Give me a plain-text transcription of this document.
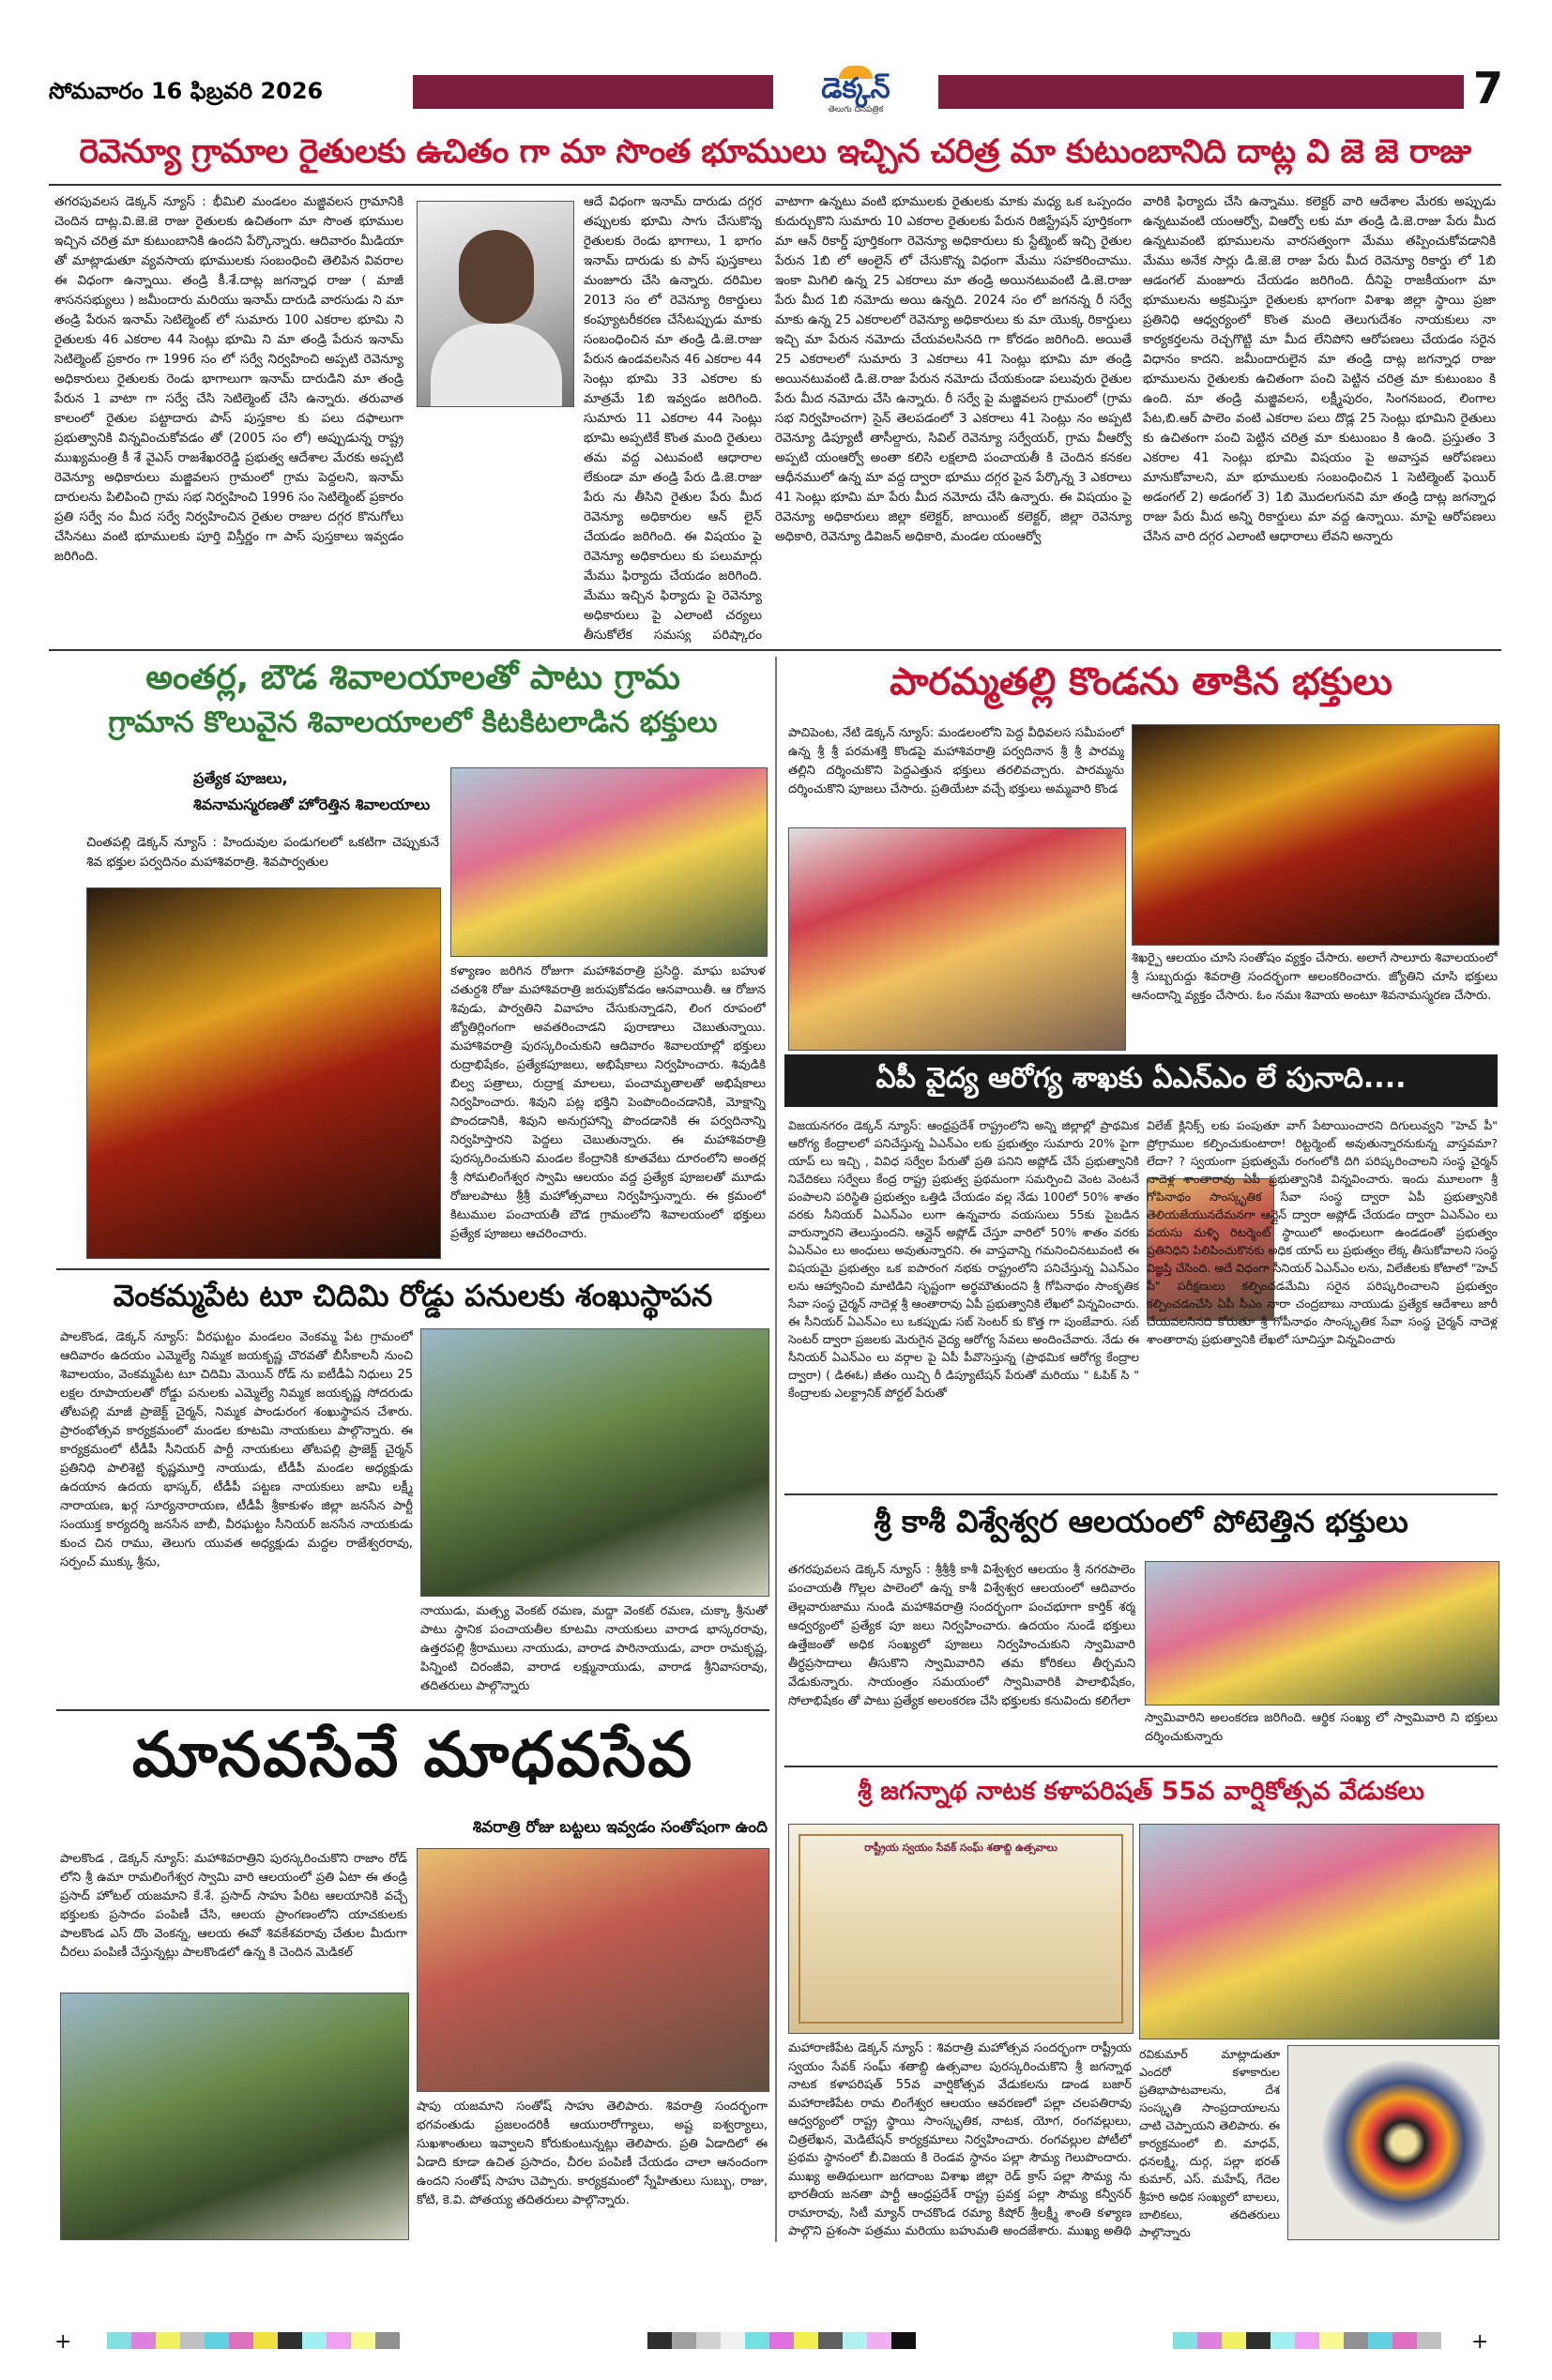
సోమవారం 16 ఫిబ్రవరి 2026	డెక్కన్
తెలుగు దినపత్రిక	7
రెవెన్యూ గ్రామాల రైతులకు ఉచితం గా మా సొంత భూములు ఇచ్చిన చరిత్ర మా కుటుంబానిది దాట్ల వి జె జె రాజు

తగరపువలస డెక్కన్ న్యూస్ : భీమిలి మండలం మజ్జివలస గ్రామానికి చెందిన దాట్ల.వి.జె.జె రాజు రైతులకు ఉచితంగా మా సొంత భూముల ఇచ్చిన చరిత్ర మా కుటుంబానికి ఉందని పేర్కొన్నారు. ఆదివారం మీడియా తో మాట్లాడుతూ వ్యవసాయ భూములకు సంబంధించి తెలిపిన వివరాల ఈ విధంగా ఉన్నాయి. తండ్రి కీ.శే.దాట్ల జగన్నాధ రాజు ( మాజీ శాసనసభ్యులు ) జమీందారు మరియు ఇనామ్ దారుడి వారసుడు ని మా తండ్రి పేరున ఇనామ్ సెటిల్మెంట్ లో సుమారు 100 ఎకరాల భూమి ని రైతులకు 46 ఎకరాల 44 సెంట్లు భూమి ని మా తండ్రి పేరున ఇనామ్ సెటిల్మెంట్ ప్రకారం గా 1996 సం లో సర్వే నిర్వహించి అప్పటి రెవెన్యూ అధికారులు రైతులకు రెండు భాగాలుగా ఇనామ్ దారుడిని మా తండ్రి పేరున 1 వాటా గా సర్వే చేసి సెటిల్మెంట్ చేసి ఉన్నారు. తరువాత కాలంలో రైతుల పట్టాదారు పాస్ పుస్తకాల కు పలు దఫాలుగా ప్రభుత్వానికి విన్నవించుకోవడం తో (2005 సం లో) అప్పుడున్న రాష్ట్ర ముఖ్యమంత్రి కీ శే వైఎస్ రాజశేఖరరెడ్డి ప్రభుత్వ ఆదేశాల మేరకు అప్పటి రెవెన్యూ అధికారులు మజ్జివలస గ్రామంలో గ్రామ పెద్దలని, ఇనామ్ దారులను పిలిపించి గ్రామ సభ నిర్వహించి 1996 సం సెటిల్మెంట్ ప్రకారం ప్రతి సర్వే నం మీద సర్వే నిర్వహించిన రైతుల రాజుల దగ్గర కొనుగోలు చేసినటు వంటి భూములకు పూర్తి విస్తీర్ణం గా పాస్ పుస్తకాలు ఇవ్వడం జరిగింది.

ఆదే విధంగా ఇనామ్ దారుడు దగ్గర తప్పులకు భూమి సాగు చేసుకొన్న రైతులకు రెండు భాగాలు, 1 భాగం ఇనామ్ దారుడు కు పాస్ పుస్తకాలు మంజూరు చేసి ఉన్నారు. దరిమిల 2013 సం లో రెవెన్యూ రికార్డులు కంప్యూటరీకరణ చేసేటప్పుడు మాకు సంబంధించిన మా తండ్రి డి.జె.రాజు పేరున ఉండవలసిన 46 ఎకరాల 44 సెంట్లు భూమి 33 ఎకరాల కు మాత్రమే 1బి ఇవ్వడం జరిగింది. సుమారు 11 ఎకరాల 44 సెంట్లు భూమి అప్పటికే కొంత మంది రైతులు తమ వద్ద ఎటువంటి ఆధారాల లేకుండా మా తండ్రి పేరు డి.జె.రాజు పేరు ను తీసిని రైతుల పేరు మీద రెవెన్యూ అధికారుల ఆన్ లైన్ చేయడం జరిగింది. ఈ విషయం పై రెవెన్యూ అధికారులు కు పలుమార్లు మేము ఫిర్యాదు చేయడం జరిగింది. మేము ఇచ్చిన ఫిర్యాదు పై రెవెన్యూ అధికారులు పై ఎలాంటి చర్యలు తీసుకోలేక సమస్య పరిష్కారం

వాటాగా ఉన్నటు వంటి భూములకు రైతులకు మాకు మధ్య ఒక ఒప్పందం కుదుర్చుకొని సుమారు 10 ఎకరాల రైతులకు పేరున రిజిస్ట్రేషన్ పూర్తికంగా మా ఆన్ రికార్డ్ పూర్తికంగా రెవెన్యూ అధికారులు కు స్టేట్మెంట్ ఇచ్చి రైతుల పేరున 1బి లో ఆంలైన్ లో చేసుకొన్న విధంగా మేము సహకరించాము. ఇంకా మిగిలి ఉన్న 25 ఎకరాలు మా తండ్రి అయినటువంటి డి.జె.రాజు పేరు మీద 1బి నమోదు అయి ఉన్నది. 2024 సం లో జగనన్న రీ సర్వే మాకు ఉన్న 25 ఎకరాలలో రెవెన్యూ అధికారులు కు మా యొక్క రికార్డులు ఇచ్చి మా పేరున నమోదు చేయవలసినది గా కోరడం జరిగింది. అయితే 25 ఎకరాలలో సుమారు 3 ఎకరాలు 41 సెంట్లు భూమి మా తండ్రి అయినటువంటి డి.జె.రాజు పేరున నమోదు చేయకుండా పలువురు రైతుల పేరు మీద నమోదు చేసి ఉన్నారు. రీ సర్వే పై మజ్జివలస గ్రామంలో (గ్రామ సభ నిర్వహించగా) సైన్ తెలపడంలో 3 ఎకరాలు 41 సెంట్లు నం అప్పటి రెవెన్యూ డిప్యూటీ తాసీల్దారు, సివిల్ రెవెన్యూ సర్వేయర్, గ్రామ వీఆర్వో అప్పటి యంఆర్వో అంతా కలిసి లక్షలాది పంచాయతీ కి చెందిన కనకల ఆధీనములో ఉన్న మా వద్ద ద్వారా భూము దగ్గర పైన పేర్కొన్న 3 ఎకరాలు 41 సెంట్లు భూమి మా పేరు మీద నమోదు చేసి ఉన్నారు. ఈ విషయం పై రెవెన్యూ అధికారులు జిల్లా కలెక్టర్, జాయింట్ కలెక్టర్, జిల్లా రెవెన్యూ అధికారి, రెవెన్యూ డివిజన్ అధికారి, మండల యంఆర్వో

వారికి ఫిర్యాదు చేసి ఉన్నాము. కలెక్టర్ వారి ఆదేశాల మేరకు అప్పుడు ఉన్నటువంటి యంఆర్వో, విఆర్వో లకు మా తండ్రి డి.జె.రాజు పేరు మీద ఉన్నటువంటి భూములను వారసత్వంగా మేము తప్పించుకోవడానికి మేము అనేక సార్లు డి.జె.జె రాజు పేరు మీద రెవెన్యూ రికార్డు లో 1బి ఆడంగల్ మంజూరు చేయడం జరిగింది. దీనిపై రాజకీయంగా మా భూములను అక్రమిస్తూ రైతులకు భాగంగా విశాఖ జిల్లా స్థాయి ప్రజా ప్రతినిధి ఆధ్వర్యంలో కొంత మంది తెలుగుదేశం నాయకులు నా కార్యకర్తలను రెచ్చగొట్టి మా మీద లేనిపోని ఆరోపణలు చేయడం సరైన విధానం కాదని. జమీందారులైన మా తండ్రి దాట్ల జగన్నాధ రాజు భూములను రైతులకు ఉచితంగా పంచి పెట్టిన చరిత్ర మా కుటుంబం కి ఉంది. మా తండ్రి మజ్జివలస, లక్ష్మీపురం, సింగనబంద, లింగాల పేట,బి.ఆర్ పాలెం వంటి ఎకరాల పలు దొడ్ల 25 సెంట్లు భూమిని రైతులు కు ఉచితంగా పంచి పెట్టిన చరిత్ర మా కుటుంబం కి ఉంది. ప్రస్తుతం 3 ఎకరాల 41 సెంట్లు భూమి విషయం పై అవాస్తవ ఆరోపణలు మానుకోవాలని, మా భూములకు సంబంధించిన 1 సెటిల్మెంట్ ఫెయిర్ అడంగల్ 2) అడంగల్ 3) 1బి మొదలగునవి మా తండ్రి దాట్ల జగన్నాధ రాజు పేరు మీద అన్ని రికార్డులు మా వద్ద ఉన్నాయి. మాపై ఆరోపణలు చేసిన వారి దగ్గర ఎలాంటి ఆధారాలు లేవని అన్నారు

అంతర్ల, బౌడ శివాలయాలతో పాటు గ్రామ
గ్రామాన కొలువైన శివాలయాలలో కిటకిటలాడిన భక్తులు
ప్రత్యేక పూజలు,
శివనామస్మరణతో హోరెత్తిన శివాలయాలు

చింతపల్లి డెక్కన్ న్యూస్ : హిందువుల పండుగలలో ఒకటిగా చెప్పుకునే శివ భక్తుల పర్వదినం మహాశివరాత్రి. శివపార్వతుల

కళ్యాణం జరిగిన రోజుగా మహాశివరాత్రి ప్రసిద్ధి. మాఘ బహుళ చతుర్దశి రోజు మహాశివరాత్రి జరుపుకోవడం ఆనవాయితీ. ఆ రోజున శివుడు, పార్వతిని వివాహం చేసుకున్నాడని, లింగ రూపంలో జ్యోతిర్లింగంగా అవతరించాడని పురాణాలు చెబుతున్నాయి. మహాశివరాత్రి పురస్కరించుకుని ఆదివారం శివాలయాల్లో భక్తులు రుద్రాభిషేకం, ప్రత్యేకపూజలు, అభిషేకాలు నిర్వహించారు. శివుడికి బిల్వ పత్రాలు, రుద్రాక్ష మాలలు, పంచామృతాలతో అభిషేకాలు నిర్వహించారు. శివుని పట్ల భక్తిని పెంపొందించడానికి, మోక్షాన్ని పొందడానికి, శివుని అనుగ్రహాన్ని పొందడానికి ఈ పర్వదినాన్ని నిర్వహిస్తారని పెద్దలు చెబుతున్నారు. ఈ మహాశివరాత్రి పురస్కరించుకుని మండల కేంద్రానికి కూతవేటు దూరంలోని అంతర్ల శ్రీ సోమలింగేశ్వర స్వామి ఆలయం వద్ద ప్రత్యేక పూజలతో మూడు రోజులపాటు శ్రీశ్రీ మహోత్సవాలు నిర్వహిస్తున్నారు. ఈ క్రమంలో కిటుముల పంచాయతీ బౌడ గ్రామంలోని శివాలయంలో భక్తులు ప్రత్యేక పూజలు ఆచరించారు.

వెంకమ్మపేట టూ చిదిమి రోడ్డు పనులకు శంఖుస్థాపన

పాలకొండ, డెక్కన్ న్యూస్: వీరఘట్టం మండలం వెంకమ్మ పేట గ్రామంలో ఆదివారం ఉదయం ఎమ్మెల్యే నిమ్మక జయకృష్ణ చొరవతో బీసీకాలనీ నుంచి శివాలయం, వెంకమ్మపేట టూ చిదిమి మెయిన్ రోడ్ ను ఐటీడీఏ నిధులు 25 లక్షల రూపాయలతో రోడ్డు పనులకు ఎమ్మెల్యే నిమ్మక జయకృష్ణ సోదరుడు తోటపల్లి మాజీ ప్రాజెక్ట్ చైర్మన్, నిమ్మక పాండురంగ శంఖుస్థాపన చేశారు. ప్రారంభోత్సవ కార్యక్రమంలో మండల కూటమి నాయకులు పాల్గొన్నారు. ఈ కార్యక్రమంలో టీడీపీ సీనియర్ పార్టీ నాయకులు తోటపల్లి ప్రాజెక్ట్ చైర్మన్ ప్రతినిధి పాలిశెట్టి కృష్ణమూర్తి నాయుడు, టీడీపీ మండల అధ్యక్షుడు ఉదయాన ఉదయ భాస్కర్, టీడీపీ పట్టణ నాయకులు జామి లక్ష్మీ నారాయణ, ఖర్గ సూర్యనారాయణ, టీడీపీ శ్రీకాకుళం జిల్లా జనసేన పార్టీ సంయుక్త కార్యదర్శి జనసేన బాబీ, వీరఘట్టం సీనియర్ జనసేన నాయకుడు కుంచ చిన రాము, తెలుగు యువత అధ్యక్షుడు మద్దల రాజేశ్వరరావు, సర్పంచ్ ముక్కు శ్రీను,

నాయుడు, మత్స్య వెంకట్ రమణ, మద్దా వెంకట్ రమణ, చుక్కా శ్రీనుతో పాటు స్థానిక పంచాయతీల కూటమి నాయకులు వారాడ భాస్కరరావు, ఉత్తరపల్లి శ్రీరాములు నాయుడు, వారాడ పారినాయుడు, వారా రామకృష్ణ, పిన్నింటి చిరంజీవి, వారాడ లక్ష్మునాయుడు, వారాడ శ్రీనివాసరావు, తదితరులు పాల్గొన్నారు

మానవసేవే మాధవసేవ
శివరాత్రి రోజు బట్టలు ఇవ్వడం సంతోషంగా ఉంది

పాలకొండ , డెక్కన్ న్యూస్: మహాశివరాత్రిని పురస్కరించుకొని రాజాం రోడ్ లోని శ్రీ ఉమా రామలింగేశ్వర స్వామి వారి ఆలయంలో ప్రతి ఏటా ఈ తండ్రి ప్రసాద్ హోటల్ యజమాని కే.శే. ప్రసాద్ సాహు పేరిట ఆలయానికి వచ్చే భక్తులకు ప్రసాదం పంపిణీ చేసి, ఆలయ ప్రాంగణంలోని యాచకులకు పాలకొండ ఎస్ దొం వెంకన్న, ఆలయ ఈవో శివకేశవరావు చేతుల మీదుగా చీరలు పంపిణీ చేస్తున్నట్లు పాలకొండలో ఉన్న కి చెందిన మెడికల్

షాపు యజమాని సంతోష్ సాహు తెలిపారు. శివరాత్రి సందర్భంగా భగవంతుడు ప్రజలందరికీ ఆయురారోగ్యాలు, అష్ట ఐశ్వర్యాలు, సుఖశాంతులు ఇవ్వాలని కోరుకుంటున్నట్లు తెలిపారు. ప్రతి ఏడాదిలో ఈ ఏడాది కూడా ఉచిత ప్రసాదం, చీరల పంపిణీ చేయడం చాలా ఆనందంగా ఉందని సంతోష్ సాహు చెప్పారు. కార్యక్రమంలో స్నేహితులు సుబ్బు, రాజు, కోటి, కె.వి. పోతయ్య తదితరులు పాల్గొన్నారు.

పారమ్మతల్లి కొండను తాకిన భక్తులు

పాచిపెంట, నేటి డెక్కన్ న్యూస్: మండలంలోని పెద్ద వీధివలస సమీపంలో ఉన్న శ్రీ శ్రీ పరమశక్తి కొండపై మహాశివరాత్రి పర్వదినాన శ్రీ శ్రీ పారమ్మ తల్లిని దర్శించుకొని పెద్దఎత్తున భక్తులు తరలివచ్చారు. పారమ్మను దర్శించుకొని పూజలు చేసారు. ప్రతియేటా వచ్చే భక్తులు అమ్మవారి కొండ

శిఖర్పై ఆలయం చూసి సంతోషం వ్యక్తం చేసారు. అలాగే సాలూరు శివాలయంలో శ్రీ సుబ్బరుద్దు శివరాత్రి సందర్భంగా అలంకరించారు. జ్యోతిని చూసి భక్తులు ఆనందాన్ని వ్యక్తం చేసారు. ఓం నమః శివాయ అంటూ శివనామస్మరణ చేసారు.

ఏపీ వైద్య ఆరోగ్య శాఖకు ఏఎన్ఎం లే పునాది....

విజయనగరం డెక్కన్ న్యూస్: ఆంధ్రప్రదేశ్ రాష్ట్రంలోని అన్ని జిల్లాల్లో ప్రాథమిక ఆరోగ్య కేంద్రాలలో పనిచేస్తున్న ఏఎన్ఎం లకు ప్రభుత్వం సుమారు 20% పైగా యాప్ లు ఇచ్చి , వివిధ సర్వేల పేరుతో ప్రతి పనిని అప్లోడ్ చేసే ప్రభుత్వానికి నివేదికలు సర్వేలు కేంద్ర రాష్ట్ర ప్రభుత్వ ప్రథమంగా సమర్పించి వెంట వెంటనే పంపాలని పరిస్థితి ప్రభుత్వం ఒత్తిడి చేయడం వల్ల నేడు 100లో 50% శాతం వరకు సీనియర్ ఏఎన్ఎం లుగా ఉన్నవారు వయసులు 55కు పైబడిన వారున్నారని తెలుస్తుందని. ఆన్లైన్ అప్లోడ్ చేస్తూ వారిలో 50% శాతం వరకు ఏఎన్ఎం లు అంధులు అవుతున్నారని. ఈ వాస్తవాన్ని గమనించినటువంటి ఈ విషయమై ప్రభుత్వం ఒక ఐపారంగ నభకు రాష్ట్రంలోని పనిచేస్తున్న ఏఎన్ఎం లను ఆహ్వానించి మాటిడిని సృష్టంగా అర్థమౌతుందని శ్రీ గోపినాథం సాంకృతిక సేవా సంస్థ చైర్మన్ నాదెళ్ల శ్రీ ఆంతారావు ఏపీ ప్రభుత్వానికి లేఖలో విన్నవించారు. ఈ సీనియర్ ఏఎన్ఎం లు ఒకప్పుడు సబ్ సెంటర్ కు కొత్త గా పుంజేవారు. సబ్ సెంటర్ ద్వారా ప్రజలకు మెరుగైన వైద్య ఆరోగ్య సేవలు అందించేవారు. నేడు ఈ సీనియర్ ఏఎన్ఎం లు వర్గాల పై ఏపీ పీవొసెస్తున్న (ప్రాథమిక ఆరోగ్య కేంద్రాల ద్వారా) ( డిఈఓ) జీతం యిచ్చి రీ డిప్యూటేషన్ పేరుతో మరియు " ఓపిక్ సి " కేంద్రాలకు ఎలక్ట్రానిక్ పోర్టల్ పేరుతో

విలేజ్ క్లినిక్స్ లకు పంపుతూ వాగ్ పేటాయించారని దిగులువ్వని "హెచ్ పీ" ప్రోగ్రాముల కల్పించుకుంటారా! రిట్టర్మెంట్ అవుతున్నారనుకున్న వాస్తవమా?లేదా? ? స్వయంగా ప్రభుత్వమే రంగంలోకి దిగి పరిష్కరించాలని సంస్థ చైర్మన్ నాదెళ్ల శాంతారావు ఏపీ ప్రభుత్వానికి విన్నవించారు. ఇందు మూలంగా శ్రీ గోపినాథం సాంస్కృతిక సేవా సంస్థ ద్వారా ఏపీ ప్రభుత్వానికి తెలియజేయునదేమనగా ఆన్లైన్ ద్వారా అప్లోడ్ చేయడం ద్వారా ఏఎన్ఎం లు వయసు మళ్ళి రిటర్మెంట్ స్థాయిలో అంధులుగా ఉండడంతో ప్రభుత్వం ప్రతినిధిని పిలిపించుకొనకు అధిక యాప్ లు ప్రభుత్వం లేక్క తీసుకోవాలని సంస్థ విజ్ఞప్తి చేసింది. అదే విధంగా సీనియర్ ఏఎన్ఎం లను, విలేజీలకు కోటాలో "హెచ్ పీ" పరీక్షణులు కల్పించడమేమి సరైన పరిష్కరించాలని ప్రభుత్వం కల్పించడంచేసి ఏపీ సీఎం నారా చంద్రబాబు నాయుడు ప్రత్యేక ఆదేశాలు జారీ చేయవలసినది కోరుతూ శ్రీ గోపీనాథం సాంస్కృతిక సేవా సంస్థ చైర్మన్ నాదెళ్ల శాంతారావు ప్రభుత్వానికి లేఖలో సూచిస్తూ విన్నవించారు

శ్రీ కాశీ విశ్వేశ్వర ఆలయంలో పోటెత్తిన భక్తులు

తగరపువలస డెక్కన్ న్యూస్ : శ్రీశ్రీశ్రీ కాశీ విశ్వేశ్వర ఆలయం శ్రీ నగరపాలెం పంచాయతీ గొల్లల పాలెంలో ఉన్న కాశీ విశ్వేశ్వర ఆలయంలో ఆదివారం తెల్లవారుజాము నుండి మహాశివరాత్రి సందర్భంగా పంచభూగా కార్తిక్ శర్మ ఆధ్వర్యంలో ప్రత్యేక పూ జలు నిర్వహించారు. ఉదయం నుండే భక్తులు ఉత్తేజంతో అధిక సంఖ్యలో పూజలు నిర్వహించుకుని స్వామివారి తీర్థప్రసాదాలు తీసుకొని స్వామివారిని తమ కోరికలు తీర్చమని వేడుకున్నారు. సాయంత్రం సమయంలో స్వామివారికి పాలాభిషేకం, సోలాభిషేకం తో పాటు ప్రత్యేక అలంకరణ చేసి భక్తులకు కనువిందు కలిగేలా

స్వామివారిని అలంకరణ జరిగింది. ఆర్థిక సంఖ్య లో స్వామివారి ని భక్తులు దర్శించుకున్నారు

శ్రీ జగన్నాథ నాటక కళాపరిషత్ 55వ వార్షికోత్సవ వేడుకలు
రాష్ట్రీయ స్వయం సేవక్ సంఘ్ శతాబ్ది ఉత్సవాలు

మహారాణిపేట డెక్కన్ న్యూస్ : శివరాత్రి మహోత్సవ సందర్భంగా రాష్ట్రీయ స్వయం సేవక్ సంఘ్ శతాబ్ది ఉత్సవాల పురస్కరించుకొని శ్రీ జగన్నాథ నాటక కళాపరిషత్ 55వ వార్షికోత్సవ వేడుకలను డాండ బజార్ మహారాణిపేట రామ లింగేశ్వర ఆలయం ఆవరణలో పల్లా చలపతిరావు ఆధ్వర్యంలో రాష్ట్ర స్థాయి సాంస్కృతిక, నాటక, యోగ, రంగవల్లులు, చిత్రలేఖన, మెడిటేషన్ కార్యక్రమాలు నిర్వహించారు. రంగవల్లుల పోటీలో ప్రథమ స్థానంలో బీ.విజయ కి రెండవ స్థానం పల్లా సౌమ్య గెలుపొందారు. ముఖ్య అతిథులుగా జగదాంబ విశాఖ జిల్లా రెడ్ క్రాస్ పల్లా సౌమ్య ను భారతీయ జనతా పార్టీ ఆంధ్రప్రదేశ్ రాష్ట్ర ప్రవక్త పల్లా సౌమ్య కన్వీనర్ రామారావు, సిటీ మ్యాన్ రాచకొండ రమ్యా కిషోర్ శ్రీలక్ష్మీ శాంతి కళ్యాణ పాల్గొని ప్రశంసా పత్రము మరియు బహుమతి అందజేశారు. ముఖ్య అతిథి

రవికుమార్ మాట్లాడుతూ ఎందరో కళాకారుల ప్రతిభాపాటవాలను, దేశ సంస్కృతి సాంప్రదాయాలను చాటి చెప్పాయని తెలిపారు. ఈ కార్యక్రమంలో బి. మాధవ్, ధనలక్ష్మి, దుర్గ, పల్లా భరత్ కుమార్, ఎస్. మహేష్, గేదెల శ్రీహరి అధిక సంఖ్యలో బాలలు, బాలికలు, తదితరులు పాల్గొన్నారు

+	+
